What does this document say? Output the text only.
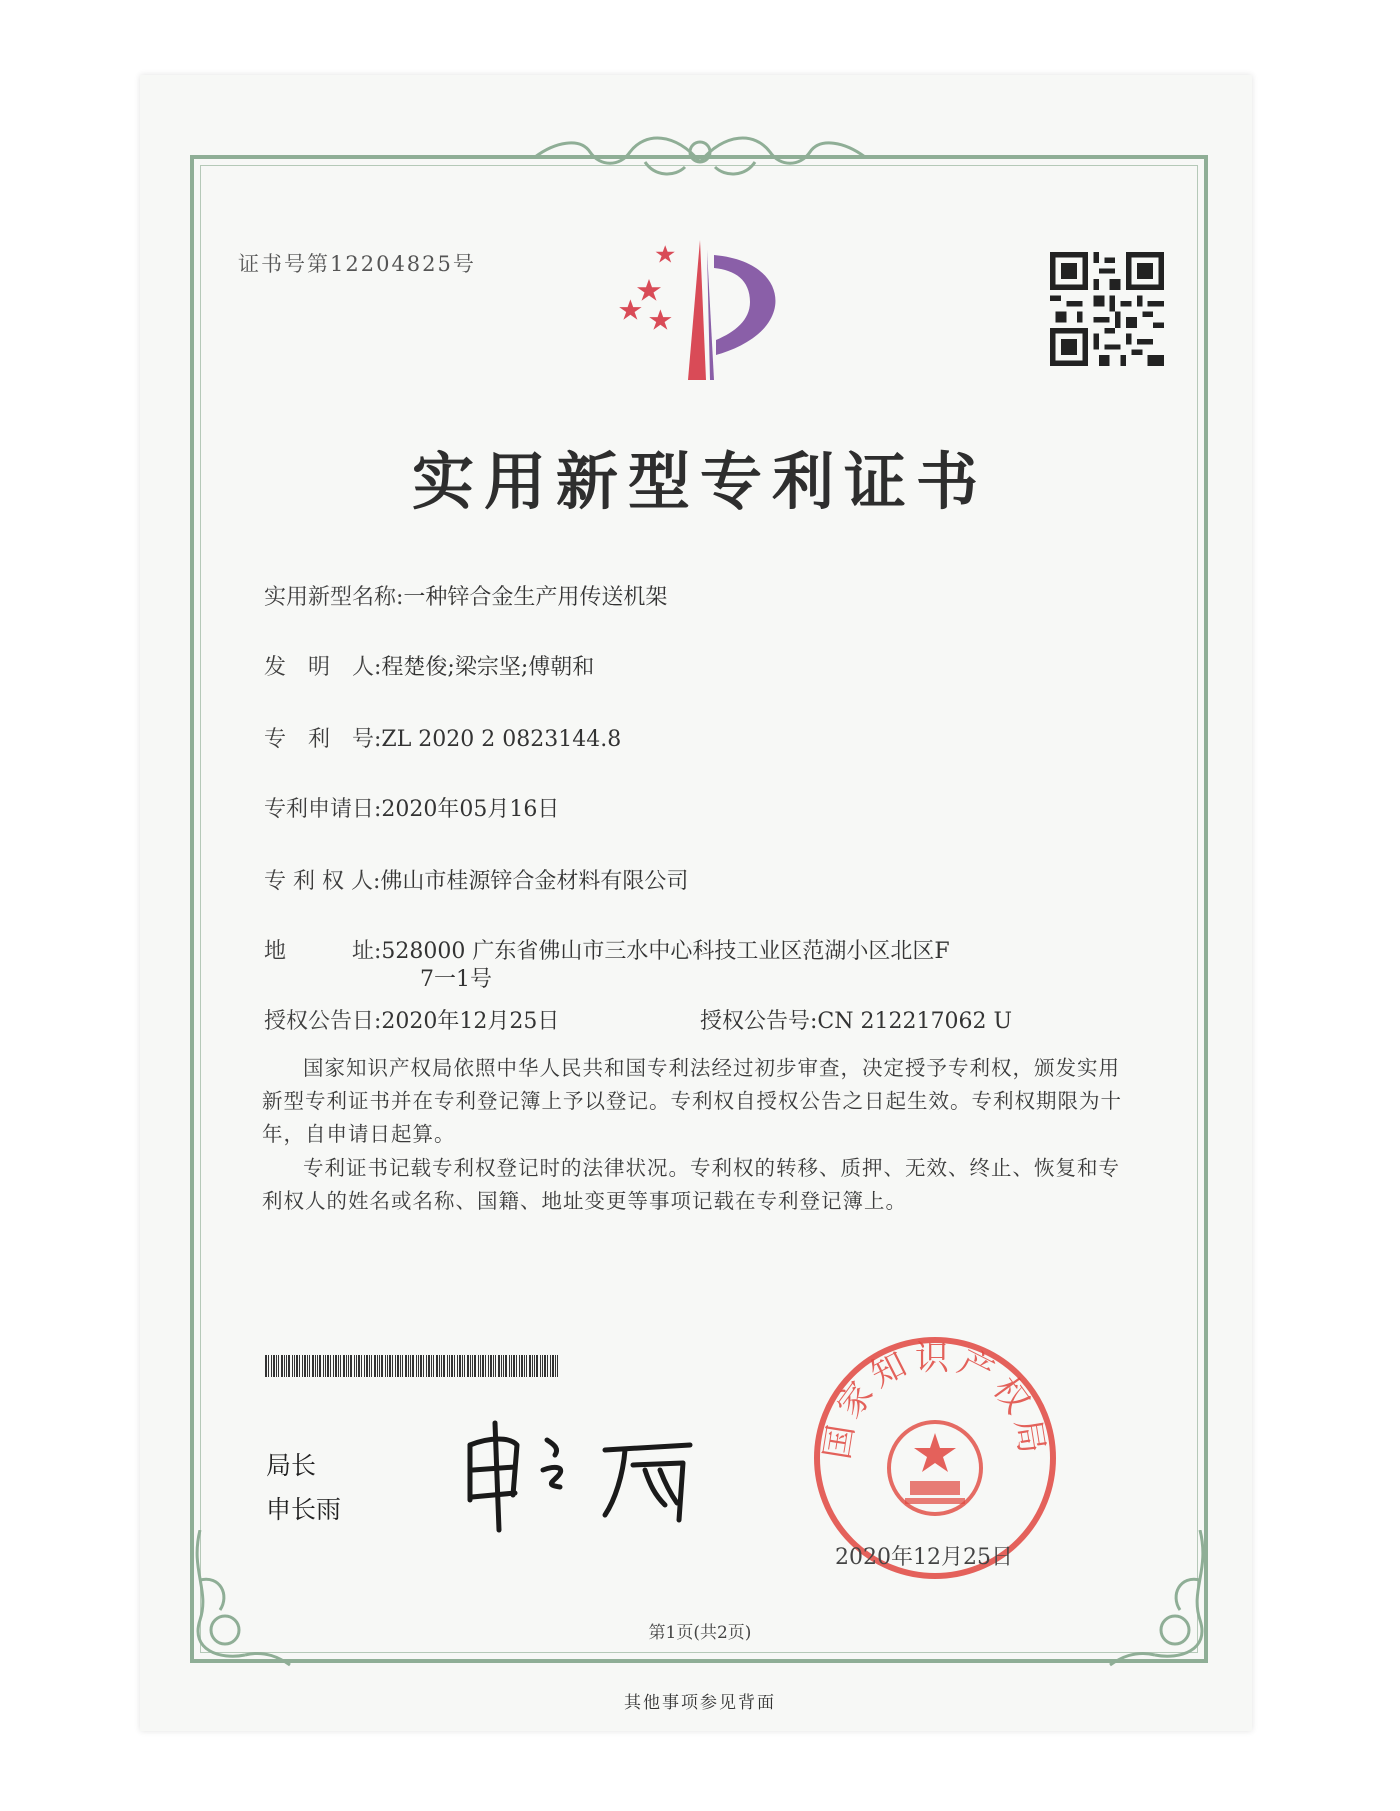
证书号第12204825号
实用新型专利证书
实用新型名称:一种锌合金生产用传送机架
发　明　人:程楚俊;梁宗坚;傅朝和
专　利　号:ZL 2020 2 0823144.8
专利申请日:2020年05月16日
专 利 权 人:佛山市桂源锌合金材料有限公司
地　　　址:528000 广东省佛山市三水中心科技工业区范湖小区北区F
7一1号
授权公告日:2020年12月25日	授权公告号:CN 212217062 U
国家知识产权局依照中华人民共和国专利法经过初步审查，决定授予专利权，颁发实用新型专利证书并在专利登记簿上予以登记。专利权自授权公告之日起生效。专利权期限为十年，自申请日起算。
专利证书记载专利权登记时的法律状况。专利权的转移、质押、无效、终止、恢复和专利权人的姓名或名称、国籍、地址变更等事项记载在专利登记簿上。
局长
申长雨
国家知识产权局
2020年12月25日
第1页(共2页)
其他事项参见背面
